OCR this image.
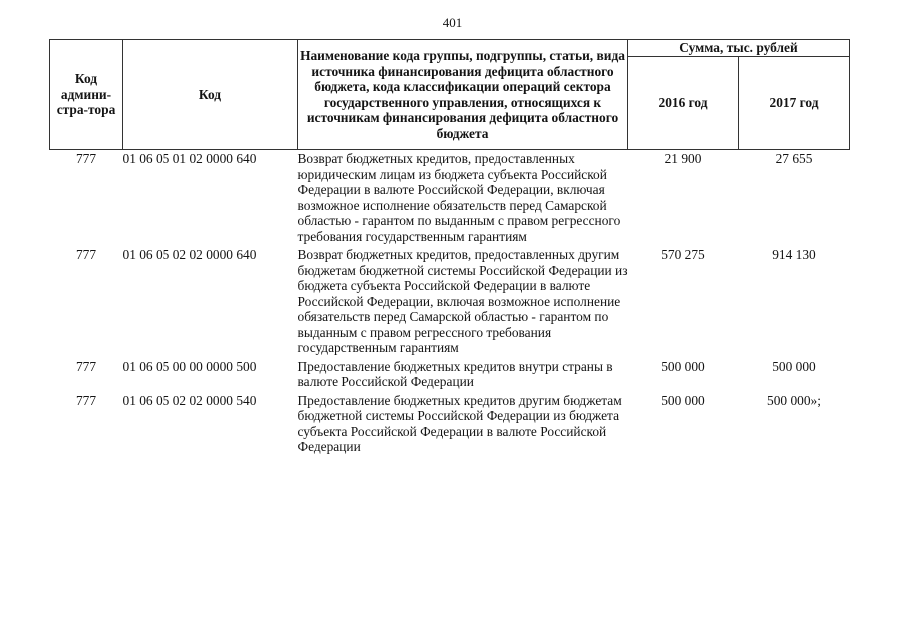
401
Код админи-стра-тора	Код	Наименование кода группы, подгруппы, статьи, вида источника финансирования дефицита областного бюджета, кода классификации операций сектора государственного управления, относящихся к источникам финансирования дефицита областного бюджета	Сумма, тыс. рублей	
			2016 год	2017 год
777	01 06 05 01 02 0000 640	Возврат бюджетных кредитов, предоставленных юридическим лицам из бюджета субъекта Российской Федерации в валюте Российской Федерации, включая возможное исполнение обязательств перед Самарской областью - гарантом по выданным с правом регрессного требования государственным гарантиям	21 900	27 655
777	01 06 05 02 02 0000 640	Возврат бюджетных кредитов, предоставленных другим бюджетам бюджетной системы Российской Федерации из бюджета субъекта Российской Федерации в валюте Российской Федерации, включая возможное исполнение обязательств перед Самарской областью - гарантом по выданным с правом регрессного требования государственным гарантиям	570 275	914 130
777	01 06 05 00 00 0000 500	Предоставление бюджетных кредитов внутри страны в валюте Российской Федерации	500 000	500 000
777	01 06 05 02 02 0000 540	Предоставление бюджетных кредитов другим бюджетам бюджетной системы Российской Федерации из бюджета субъекта Российской Федерации в валюте Российской Федерации	500 000	500 000»;
